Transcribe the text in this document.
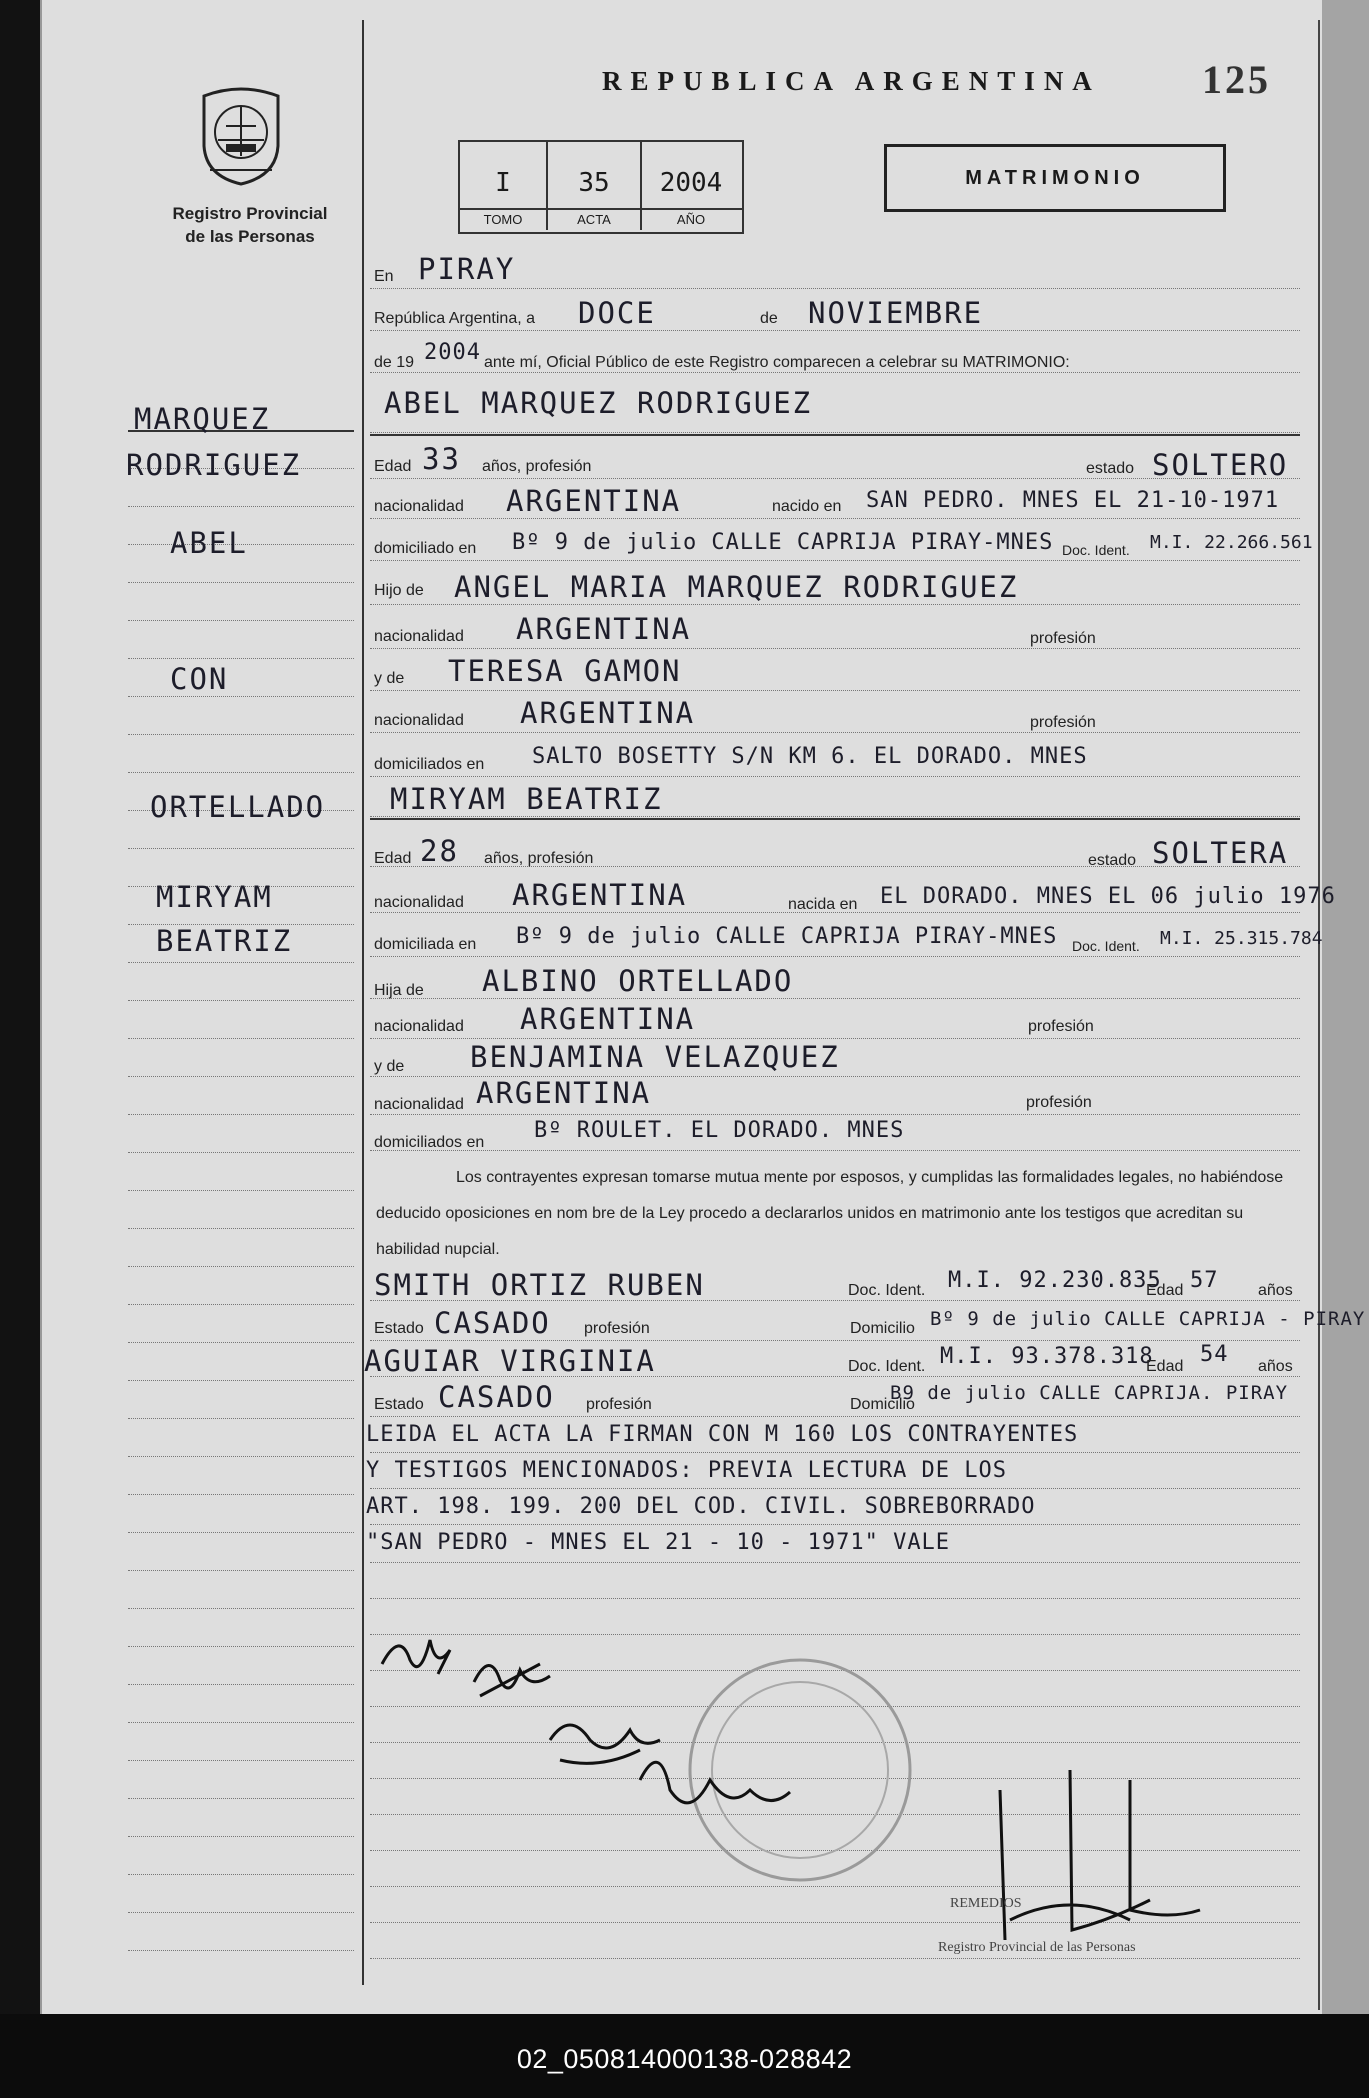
02_050814000138-028842
Registro Provincial
de las Personas
REPUBLICA ARGENTINA	125
MATRIMONIO
I
TOMO
35
ACTA
2004
AÑO
MARQUEZ
RODRIGUEZ
ABEL
CON
ORTELLADO
MIRYAM
BEATRIZ
En PIRAY
República Argentina, a DOCE	de NOVIEMBRE
de 19 2004 ante mí, Oficial Público de este Registro comparecen a celebrar su MATRIMONIO:
ABEL MARQUEZ RODRIGUEZ
Edad 33 años, profesión	estado SOLTERO
nacionalidad ARGENTINA	nacido en SAN PEDRO. MNES EL 21-10-1971
domiciliado en Bº 9 de julio CALLE CAPRIJA PIRAY-MNES Doc. Ident. M.I. 22.266.561
Hijo de ANGEL MARIA MARQUEZ RODRIGUEZ
nacionalidad ARGENTINA	profesión
y de TERESA GAMON
nacionalidad ARGENTINA	profesión
domiciliados en SALTO BOSETTY S/N KM 6. EL DORADO. MNES
MIRYAM BEATRIZ
Edad 28 años, profesión	estado SOLTERA
nacionalidad ARGENTINA	nacida en EL DORADO. MNES EL 06 julio 1976
domiciliada en Bº 9 de julio CALLE CAPRIJA PIRAY-MNES Doc. Ident. M.I. 25.315.784
Hija de ALBINO ORTELLADO
nacionalidad ARGENTINA	profesión
y de BENJAMINA VELAZQUEZ
nacionalidad ARGENTINA	profesión
domiciliados en Bº ROULET. EL DORADO. MNES
Los contrayentes expresan tomarse mutua mente por esposos, y cumplidas las formalidades legales, no habiéndose deducido oposiciones en nom bre de la Ley procedo a declararlos unidos en matrimonio ante los testigos que acreditan su habilidad nupcial.
SMITH ORTIZ RUBEN	Doc. Ident. M.I. 92.230.835
Edad 57 años
Estado CASADO profesión	Domicilio Bº 9 de julio CALLE CAPRIJA - PIRAY
AGUIAR VIRGINIA	Doc. Ident. M.I. 93.378.318
Edad 54 años
Estado CASADO profesión	Domicilio
B9 de julio CALLE CAPRIJA. PIRAY
LEIDA EL ACTA LA FIRMAN CON M 160 LOS CONTRAYENTES
Y TESTIGOS MENCIONADOS: PREVIA LECTURA DE LOS
ART. 198. 199. 200 DEL COD. CIVIL. SOBREBORRADO
"SAN PEDRO - MNES EL 21 - 10 - 1971" VALE
REMEDIOS
Registro Provincial de las Personas
